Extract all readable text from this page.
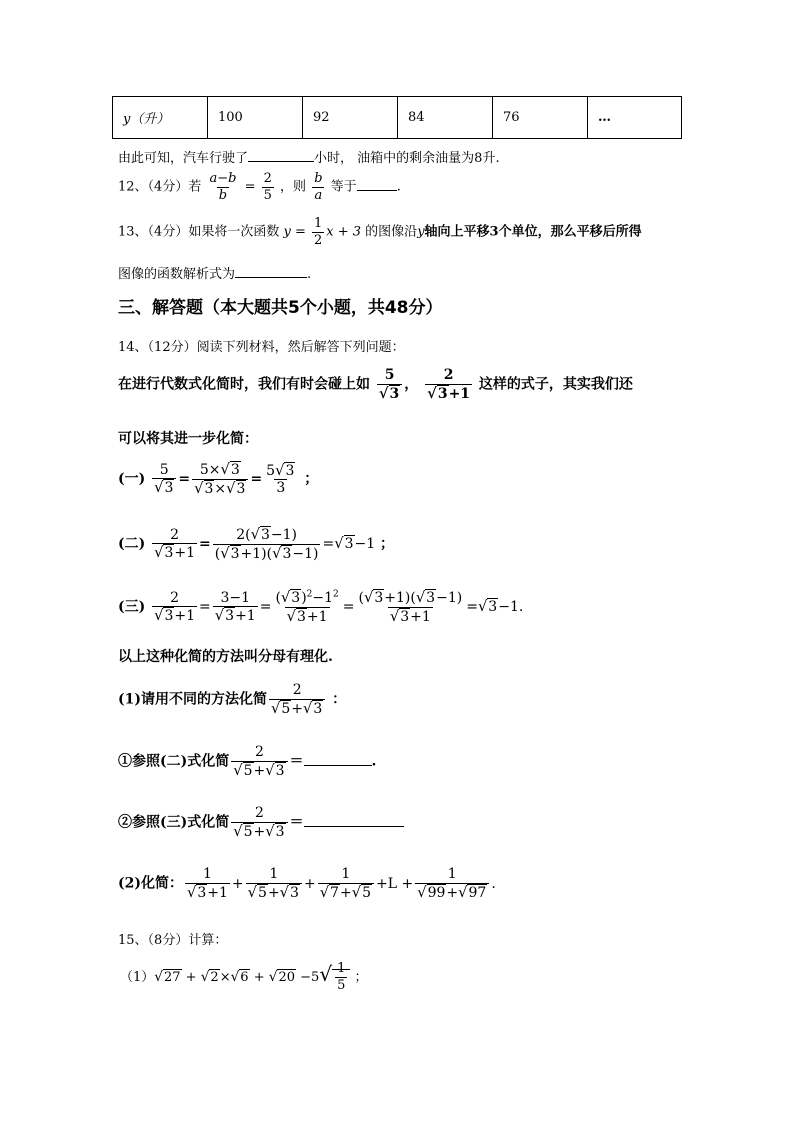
y（升）	100	92	84	76	…
由此可知，汽车行驶了	小时， 油箱中的剩余油量为8升.
12、（4分）若 $\frac{a-b}{b} = \frac{2}{5}$ ，则 $\frac{b}{a}$ 等于	.
13、（4分）如果将一次函数 $y = \frac{1}{2}$ x + 3 的图像沿y轴向上平移3个单位，那么平移后所得
图像的函数解析式为	.
三、解答题（本大题共5个小题，共48分）
14、（12分）阅读下列材料，然后解答下列问题：
在进行代数式化简时，我们有时会碰上如 $\frac{5}{√3}$ ， $\frac{2}{√3+1}$ 这样的式子，其实我们还
可以将其进一步化简：
(一) $\frac{5}{√3} = \frac{5\times√3}{√3\times√3} = \frac{5√3}{3}$ ；
(二) $\frac{2}{√3+1} = \frac{2(√3-1)}{(√3+1)(√3-1)} =√3-1$ ；
(三) $\frac{2}{√3+1} = \frac{3-1}{√3+1} = \frac{(√3)^2-1^2}{√3+1} = \frac{(√3+1)(√3-1)}{√3+1} =√3-1$.
以上这种化简的方法叫分母有理化.
(1)请用不同的方法化简 $\frac{2}{√5+√3}$ ：
①参照(二)式化简 $\frac{2}{√5+√3}$ ＝	.
②参照(三)式化简 $\frac{2}{√5+√3}$ ＝
(2)化简： $\frac{1}{√3+1} + \frac{1}{√5+√3} + \frac{1}{√7+√5} +L + \frac{1}{√99+√97}$ .
15、（8分）计算：
$(1)√27 + √2\times√6 + √20 -5√ \frac{1}{5}$ ；
